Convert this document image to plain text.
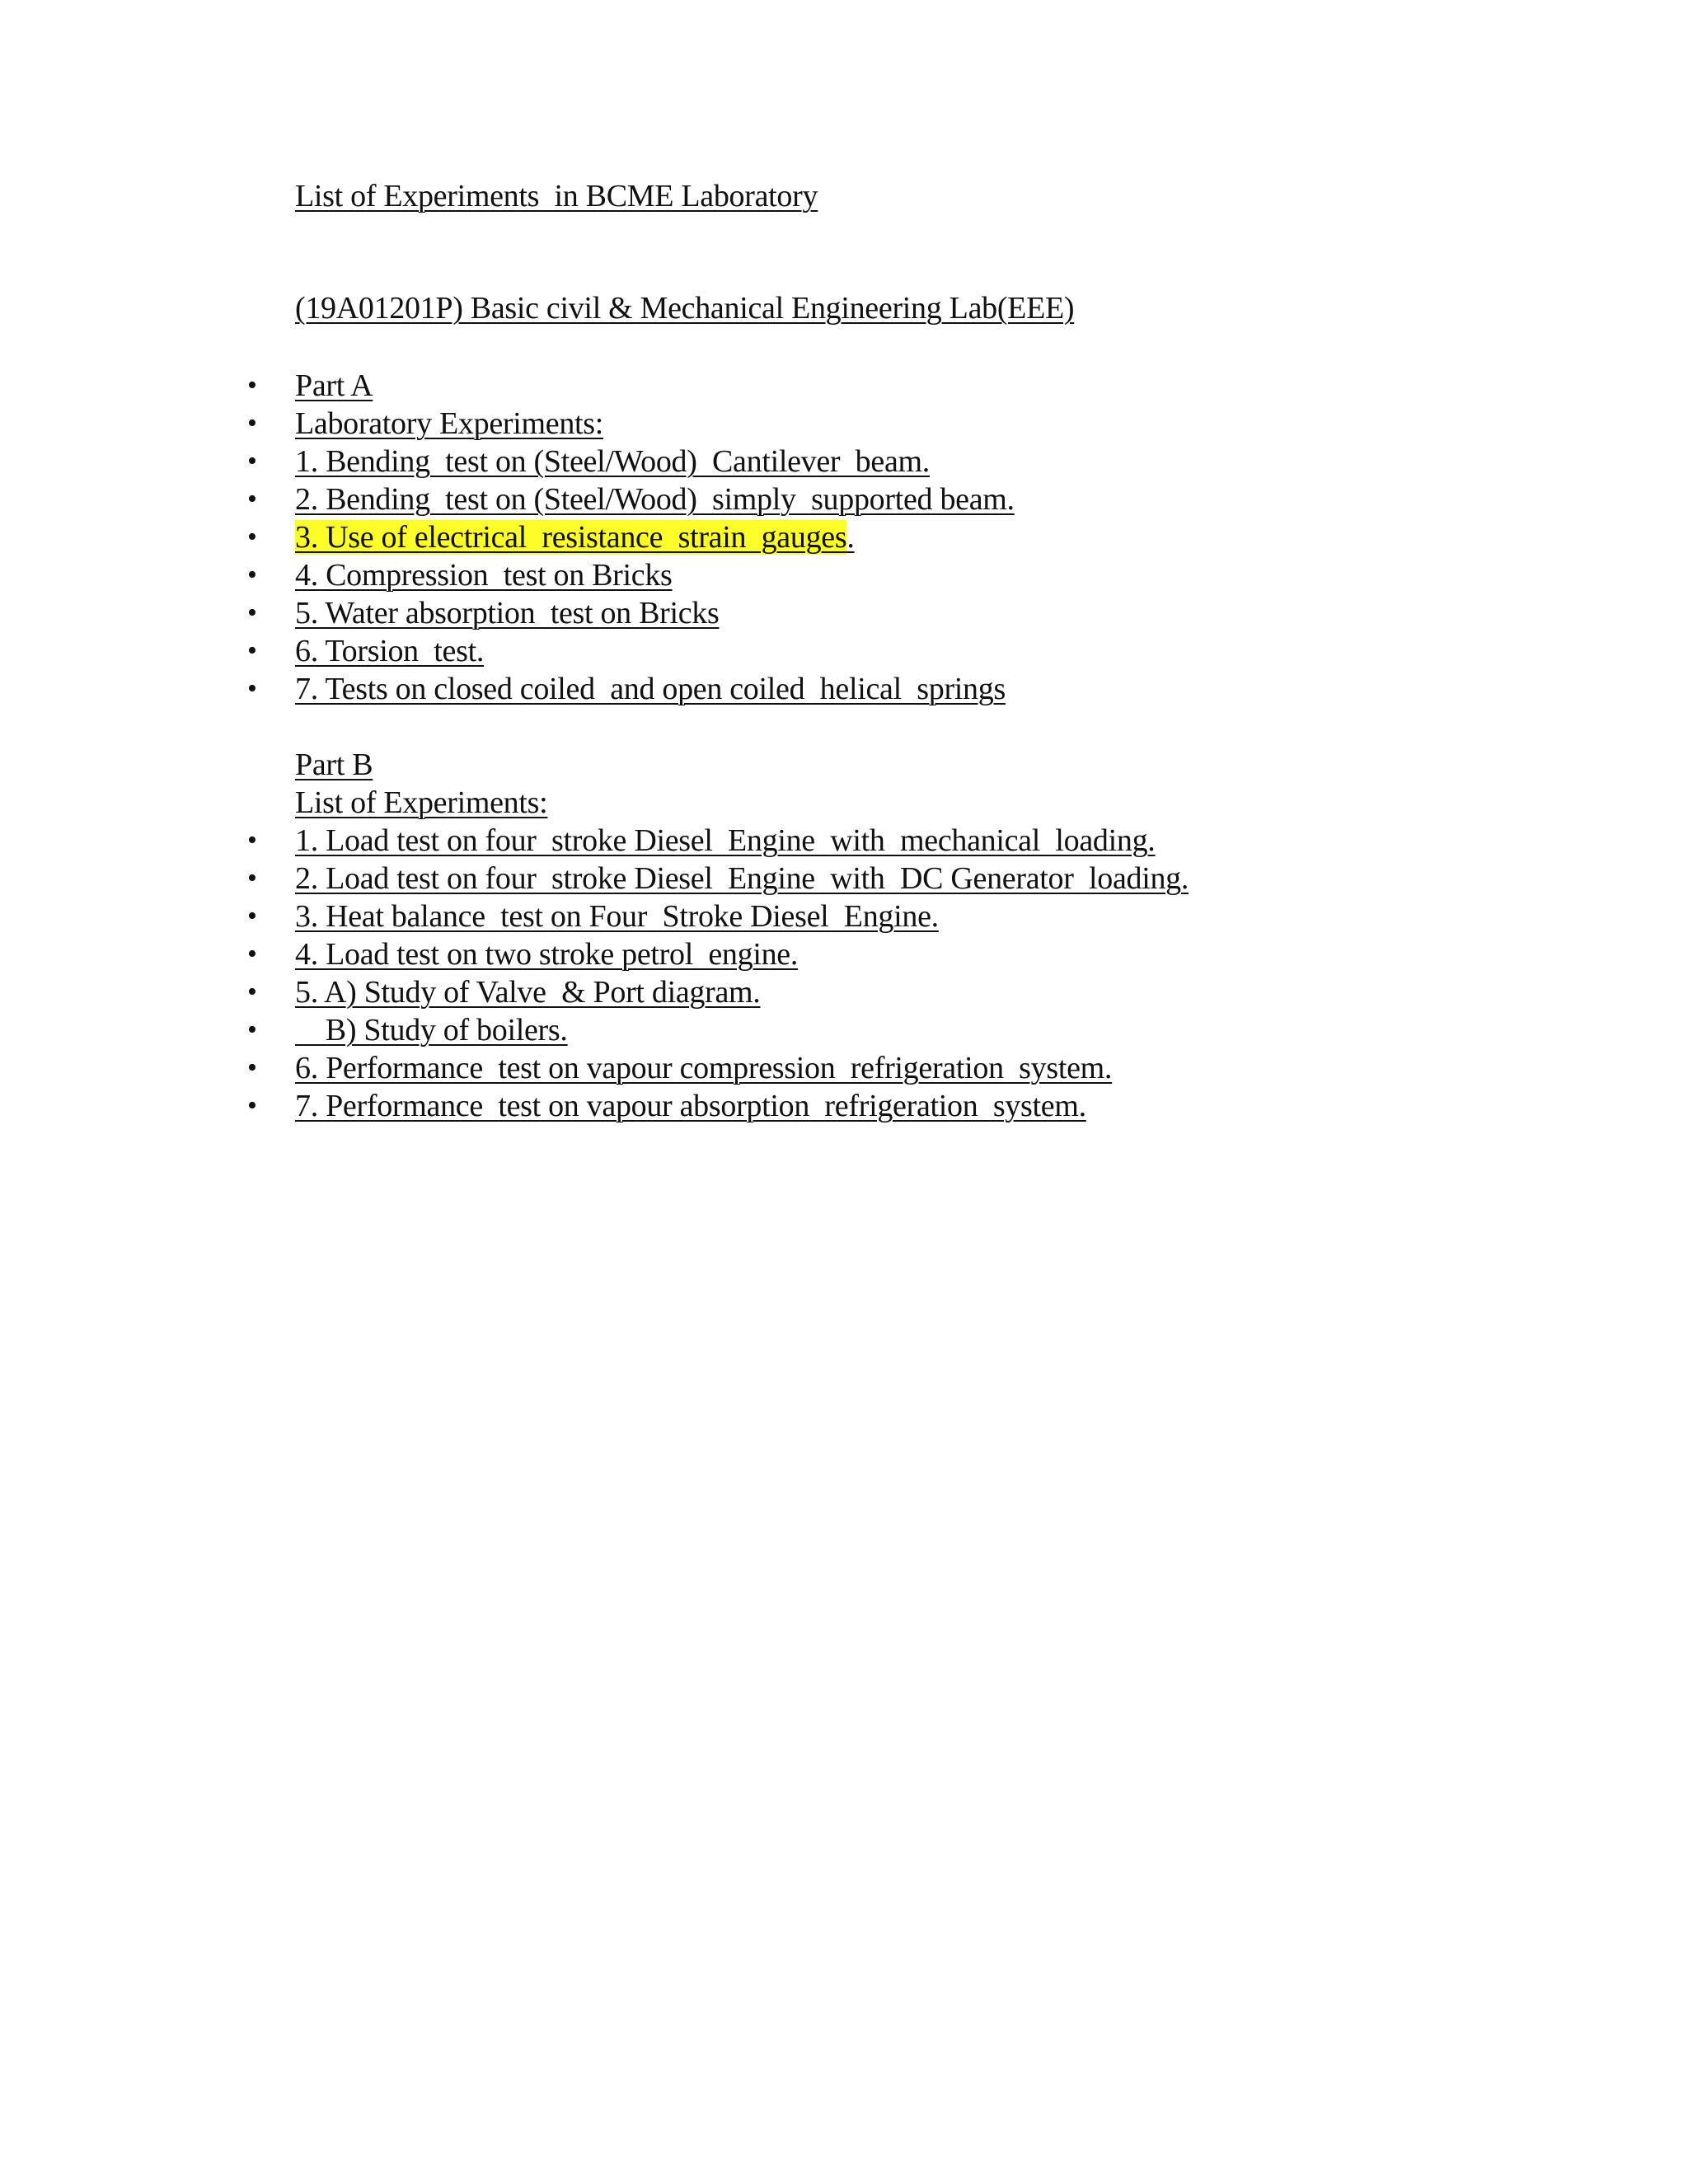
List of Experiments  in BCME Laboratory
(19A01201P) Basic civil & Mechanical Engineering Lab(EEE)
• Part A
• Laboratory Experiments:
• 1. Bending  test on (Steel/Wood)  Cantilever  beam.
• 2. Bending  test on (Steel/Wood)  simply  supported beam.
• 3. Use of electrical  resistance  strain  gauges.
• 4. Compression  test on Bricks
• 5. Water absorption  test on Bricks
• 6. Torsion  test.
• 7. Tests on closed coiled  and open coiled  helical  springs
Part B
List of Experiments:
• 1. Load test on four  stroke Diesel  Engine  with  mechanical  loading.
• 2. Load test on four  stroke Diesel  Engine  with  DC Generator  loading.
• 3. Heat balance  test on Four  Stroke Diesel  Engine.
• 4. Load test on two stroke petrol  engine.
• 5. A) Study of Valve  & Port diagram.
• B) Study of boilers.
• 6. Performance  test on vapour compression  refrigeration  system.
• 7. Performance  test on vapour absorption  refrigeration  system.
